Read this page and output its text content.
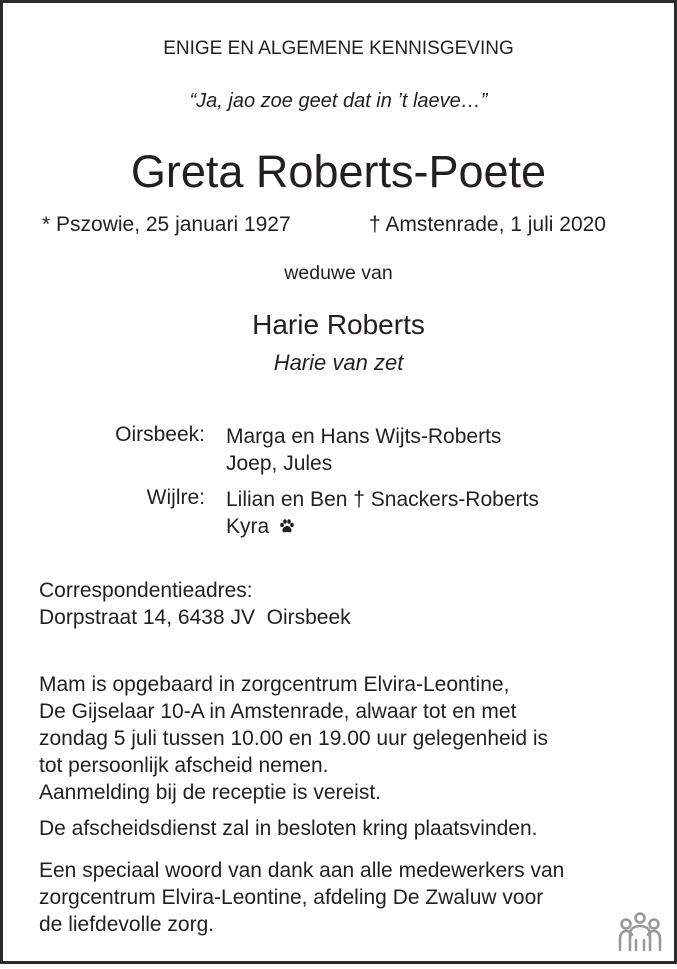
ENIGE EN ALGEMENE KENNISGEVING
“Ja, jao zoe geet dat in ’t laeve…”
Greta Roberts-Poete
* Pszowie, 25 januari 1927	† Amstenrade, 1 juli 2020
weduwe van
Harie Roberts
Harie van zet
Oirsbeek: Marga en Hans Wijts-Roberts
Joep, Jules
Wijlre: Lilian en Ben † Snackers-Roberts
Kyra
Correspondentieadres:
Dorpstraat 14, 6438 JV  Oirsbeek
Mam is opgebaard in zorgcentrum Elvira-Leontine,
De Gijselaar 10-A in Amstenrade, alwaar tot en met
zondag 5 juli tussen 10.00 en 19.00 uur gelegenheid is
tot persoonlijk afscheid nemen.
Aanmelding bij de receptie is vereist.
De afscheidsdienst zal in besloten kring plaatsvinden.
Een speciaal woord van dank aan alle medewerkers van
zorgcentrum Elvira-Leontine, afdeling De Zwaluw voor
de liefdevolle zorg.
